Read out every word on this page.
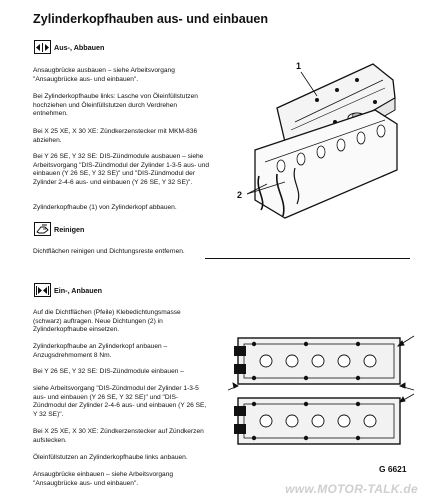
Zylinderkopfhauben aus- und einbauen
Aus-, Abbauen
Ansaugbrücke ausbauen – siehe Arbeitsvorgang "Ansaugbrücke aus- und einbauen".
Bei Zylinderkopfhaube links: Lasche von Öleinfüllstutzen hochziehen und Öleinfüllstutzen durch Verdrehen entnehmen.
Bei X 25 XE, X 30 XE: Zündkerzenstecker mit MKM-836 abziehen.
Bei Y 26 SE, Y 32 SE: DIS-Zündmodule ausbauen – siehe Arbeitsvorgang "DIS-Zündmodul der Zylinder 1-3-5 aus- und einbauen (Y 26 SE, Y 32 SE)" und "DIS-Zündmodul der Zylinder 2-4-6 aus- und einbauen (Y 26 SE, Y 32 SE)".
Zylinderkopfhaube (1) von Zylinderkopf abbauen.
Reinigen
Dichtflächen reinigen und Dichtungsreste entfernen.
Ein-, Anbauen
Auf die Dichtflächen (Pfeile) Klebedichtungsmasse (schwarz) auftragen. Neue Dichtungen (2) in Zylinderkopfhaube einsetzen.
Zylinderkopfhaube an Zylinderkopf anbauen – Anzugsdrehmoment 8 Nm.
Bei Y 26 SE, Y 32 SE: DIS-Zündmodule einbauen –
siehe Arbeitsvorgang "DIS-Zündmodul der Zylinder 1-3-5 aus- und einbauen (Y 26 SE, Y 32 SE)" und "DIS-Zündmodul der Zylinder 2-4-6 aus- und einbauen (Y 26 SE, Y 32 SE)".
Bei X 25 XE, X 30 XE: Zündkerzenstecker auf Zündkerzen aufstecken.
Öleinfüllstutzen an Zylinderkopfhaube links anbauen.
Ansaugbrücke einbauen – siehe Arbeitsvorgang "Ansaugbrücke aus- und einbauen".
1
2
G 6621
www.MOTOR-TALK.de
